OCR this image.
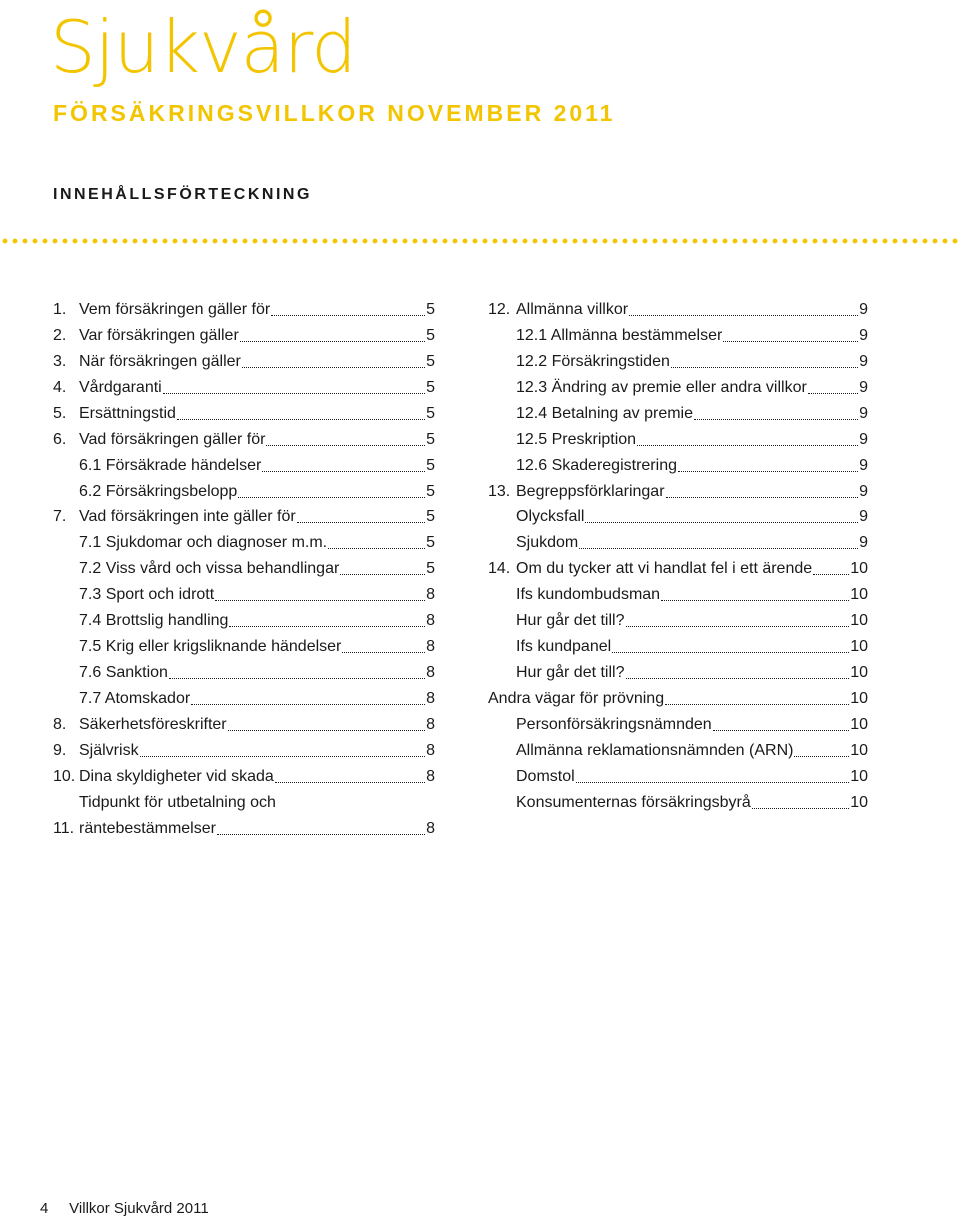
Sjukvård
FÖRSÄKRINGSVILLKOR NOVEMBER 2011
INNEHÅLLSFÖRTECKNING
1. Vem försäkringen gäller för	5
2. Var försäkringen gäller	5
3. När försäkringen gäller	5
4. Vårdgaranti	5
5. Ersättningstid	5
6. Vad försäkringen gäller för	5
6.1 Försäkrade händelser	5
6.2 Försäkringsbelopp	5
7. Vad försäkringen inte gäller för	5
7.1 Sjukdomar och diagnoser m.m.	5
7.2 Viss vård och vissa behandlingar	5
7.3 Sport och idrott	8
7.4 Brottslig handling	8
7.5 Krig eller krigsliknande händelser	8
7.6 Sanktion	8
7.7 Atomskador	8
8. Säkerhetsföreskrifter	8
9. Självrisk	8
10. Dina skyldigheter vid skada	8
11.
Tidpunkt för utbetalning och
räntebestämmelser	8
12. Allmänna villkor	9
12.1 Allmänna bestämmelser	9
12.2 Försäkringstiden	9
12.3 Ändring av premie eller andra villkor	9
12.4 Betalning av premie	9
12.5 Preskription	9
12.6 Skaderegistrering	9
13. Begreppsförklaringar	9
Olycksfall	9
Sjukdom	9
14. Om du tycker att vi handlat fel i ett ärende 10
Ifs kundombudsman	10
Hur går det till?	10
Ifs kundpanel	10
Hur går det till?	10
Andra vägar för prövning	10
Personförsäkringsnämnden	10
Allmänna reklamationsnämnden (ARN)	10
Domstol	10
Konsumenternas försäkringsbyrå	10
4 Villkor Sjukvård 2011
